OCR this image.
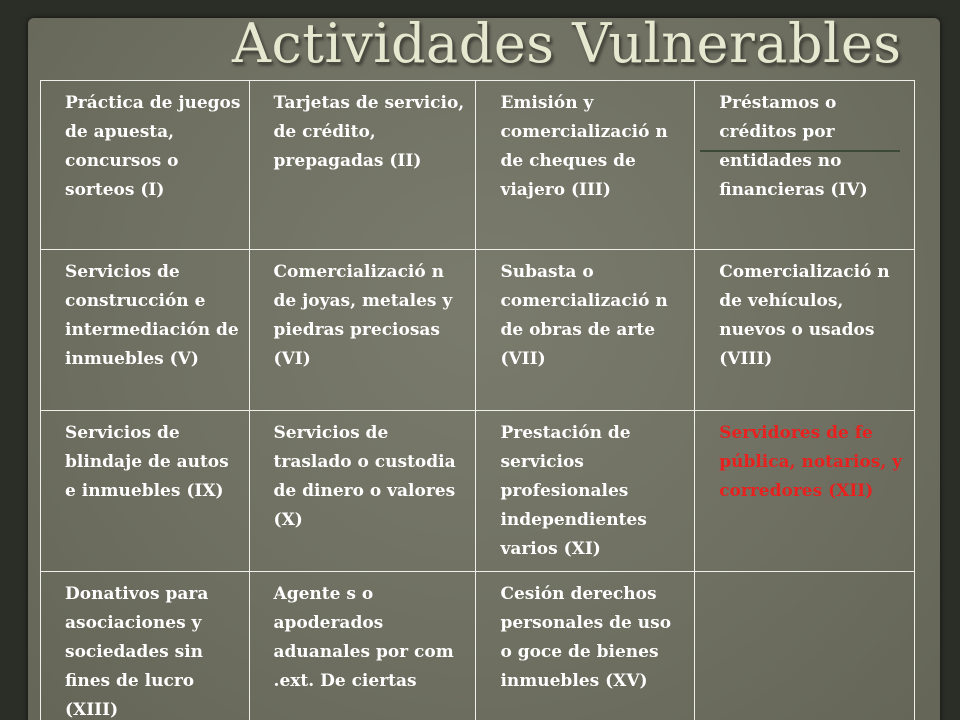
Actividades Vulnerables
Práctica de juegos de apuesta, concursos o sorteos (I)	Tarjetas de servicio, de crédito, prepagadas (II)	Emisión y comercializació n de cheques de viajero (III)	Préstamos o créditos por entidades no financieras (IV)
Servicios de construcción e intermediación de inmuebles (V)	Comercializació n de joyas, metales y piedras preciosas (VI)	Subasta o comercializació n de obras de arte (VII)	Comercializació n de vehículos, nuevos o usados (VIII)
Servicios de blindaje de autos e inmuebles (IX)	Servicios de traslado o custodia de dinero o valores (X)	Prestación de servicios profesionales independientes varios (XI)	Servidores de fe pública, notarios, y corredores (XII)
Donativos para asociaciones y sociedades sin fines de lucro (XIII)	Agente s o apoderados aduanales por com .ext. De ciertas	Cesión derechos personales de uso o goce de bienes inmuebles (XV)	
